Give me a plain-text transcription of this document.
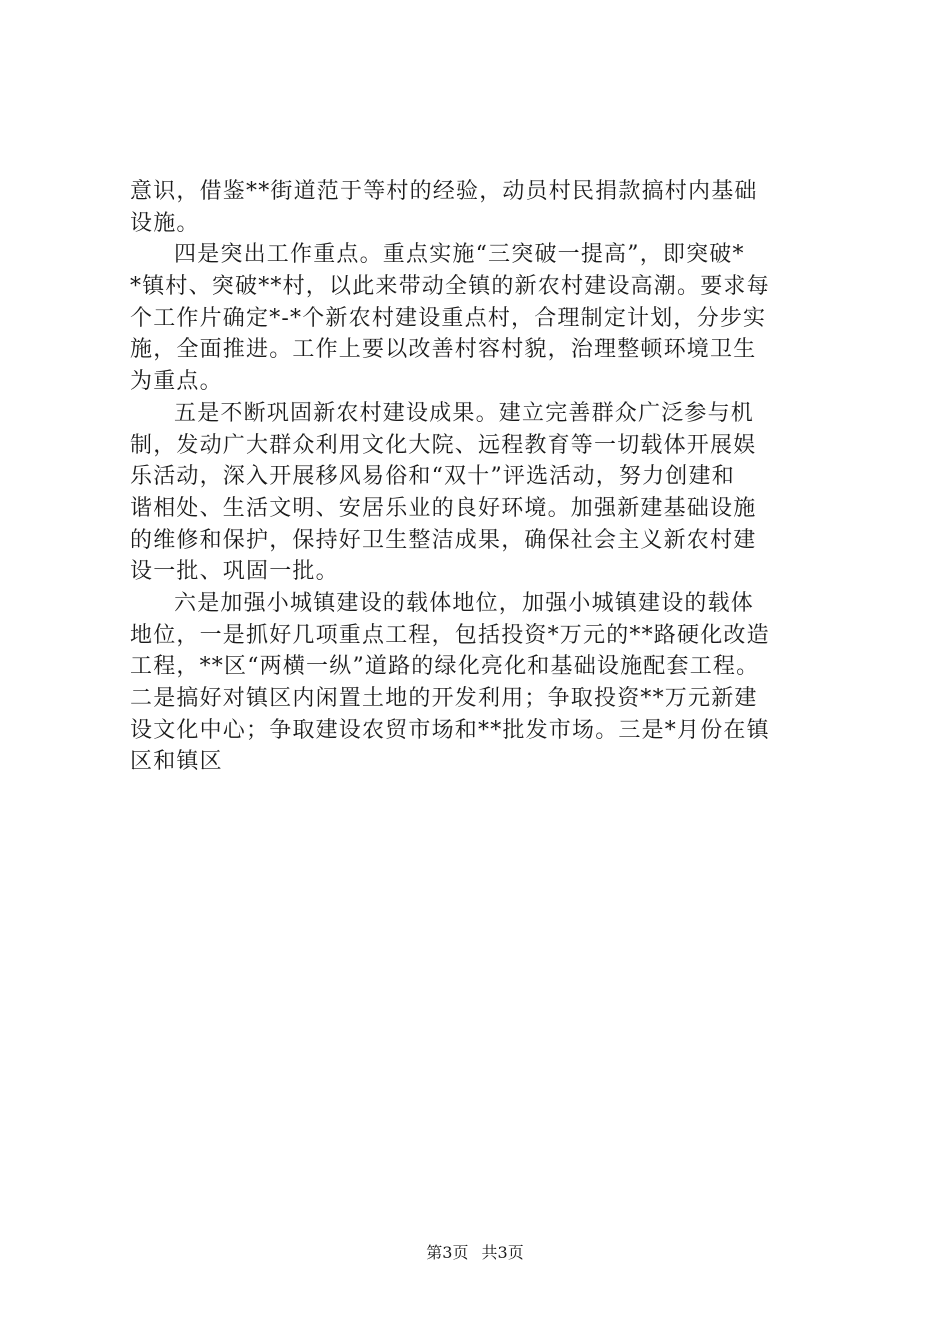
意识，借鉴**街道范于等村的经验，动员村民捐款搞村内基础
设施。
四是突出工作重点。重点实施“三突破一提高”，即突破*
*镇村、突破**村，以此来带动全镇的新农村建设高潮。要求每
个工作片确定*-*个新农村建设重点村，合理制定计划，分步实
施，全面推进。工作上要以改善村容村貌，治理整顿环境卫生
为重点。
五是不断巩固新农村建设成果。建立完善群众广泛参与机
制，发动广大群众利用文化大院、远程教育等一切载体开展娱
乐活动，深入开展移风易俗和“双十”评选活动，努力创建和
谐相处、生活文明、安居乐业的良好环境。加强新建基础设施
的维修和保护，保持好卫生整洁成果，确保社会主义新农村建
设一批、巩固一批。
六是加强小城镇建设的载体地位，加强小城镇建设的载体
地位，一是抓好几项重点工程，包括投资*万元的**路硬化改造
工程，**区“两横一纵”道路的绿化亮化和基础设施配套工程。
二是搞好对镇区内闲置土地的开发利用；争取投资**万元新建
设文化中心；争取建设农贸市场和**批发市场。三是*月份在镇
区和镇区
第3页 共3页
